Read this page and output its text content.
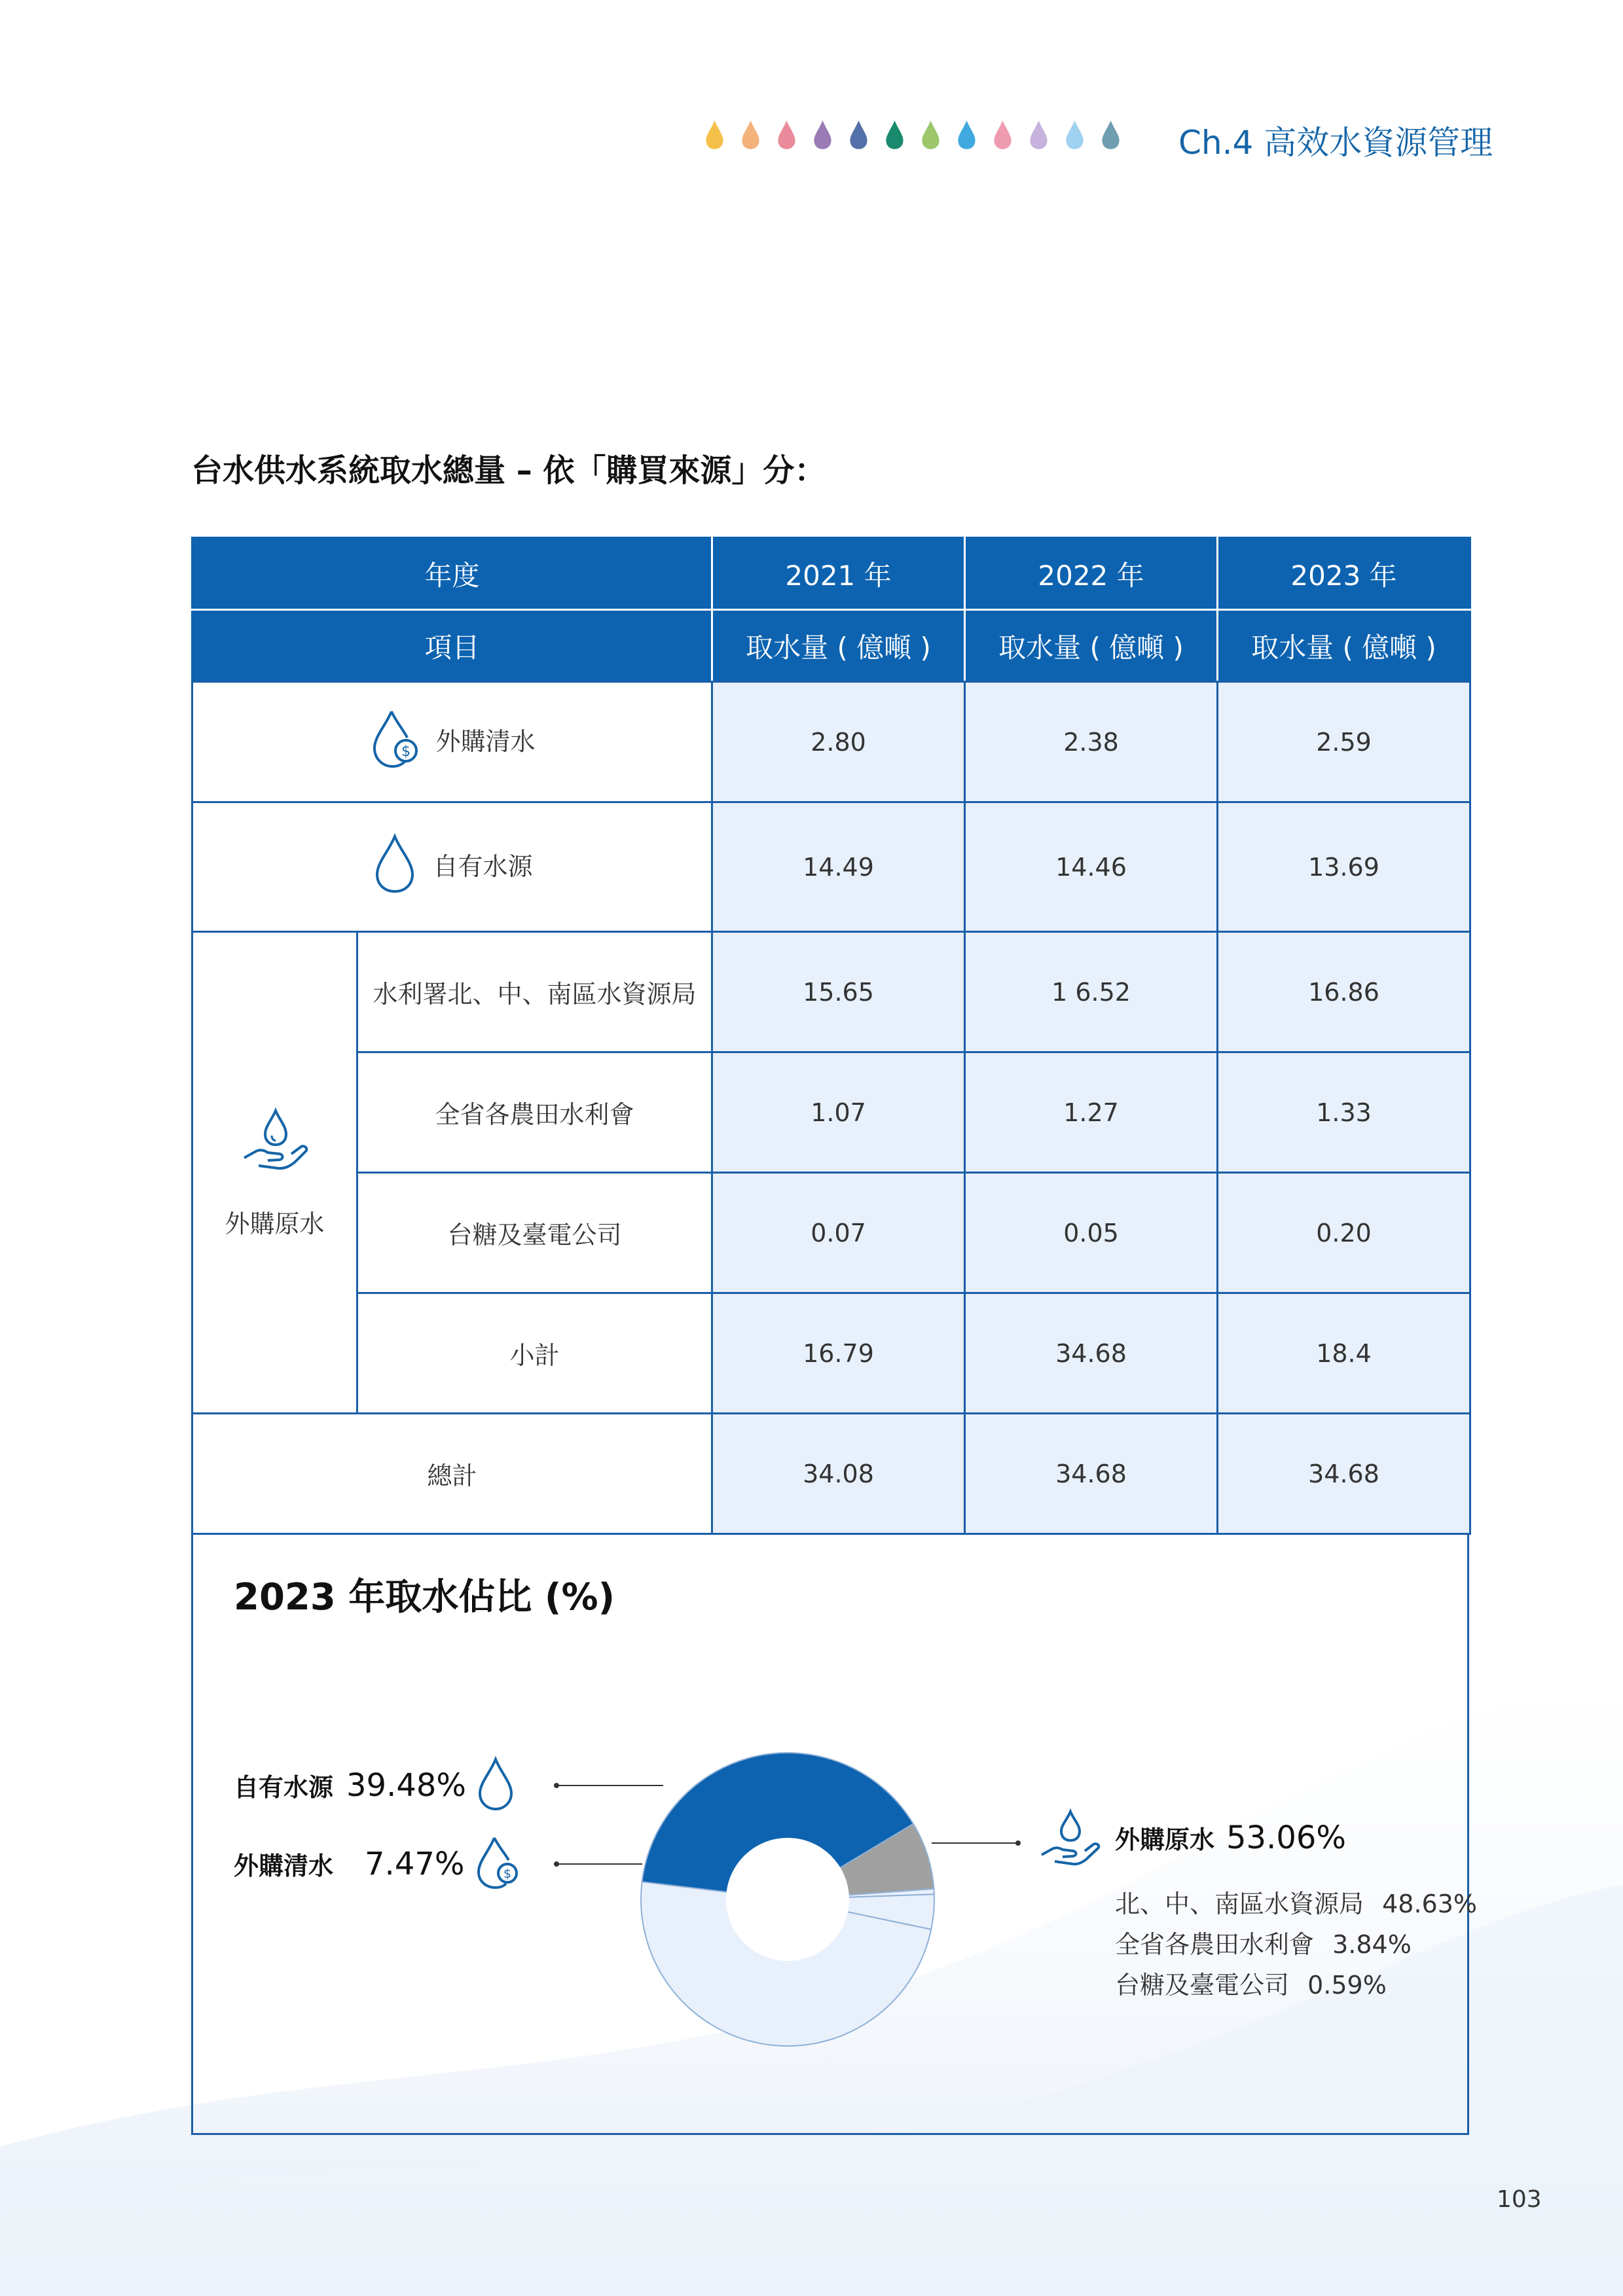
Ch.4 高效水資源管理
台水供水系統取水總量 – 依「購買來源」分：
年度		2021 年	2022 年	2023 年
項目		取水量 ( 億噸 )	取水量 ( 億噸 )	取水量 ( 億噸 )

$ 外購清水		2.80	2.38	2.59

自有水源		14.49	14.46	13.69

外購原水	水利署北、中、南區水資源局	15.65	1 6.52	16.86
	全省各農田水利會	1.07	1.27	1.33
	台糖及臺電公司	0.07	0.05	0.20
	小計	16.79	34.68	18.4
總計		34.08	34.68	34.68
$
2023 年取水佔比 (%)
自有水源 39.48%
外購清水 7.47%
外購原水 53.06%
北、中、南區水資源局 48.63%
全省各農田水利會 3.84%
台糖及臺電公司 0.59%
103
